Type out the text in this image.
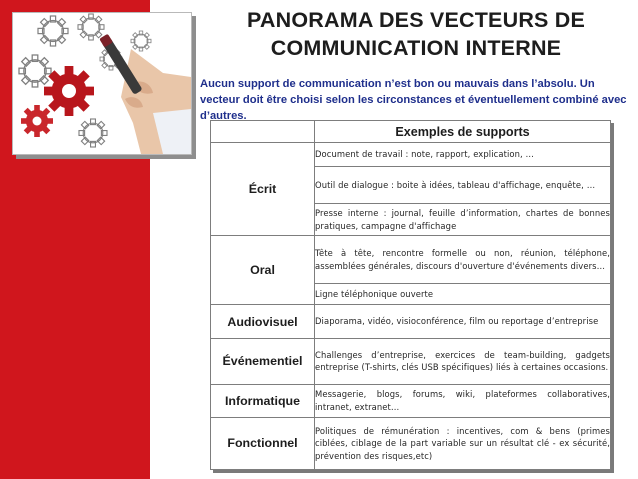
PANORAMA DES VECTEURS DE COMMUNICATION INTERNE
Aucun support de communication n’est bon ou mauvais dans l’absolu. Un vecteur doit être choisi selon les circonstances et éventuellement combiné avec d’autres.
	Exemples de supports
Écrit	Document de travail : note, rapport, explication, …
	Outil de dialogue : boite à idées, tableau d'affichage, enquête, …
	Presse interne : journal, feuille d’information, chartes de bonnes pratiques, campagne d'affichage
Oral	Tête à tête, rencontre formelle ou non, réunion, téléphone, assemblées générales, discours d'ouverture d'événements divers…
	Ligne téléphonique ouverte
Audiovisuel	Diaporama, vidéo, visioconférence, film ou reportage d’entreprise
Événementiel	Challenges d’entreprise, exercices de team-building, gadgets entreprise (T-shirts, clés USB spécifiques) liés à certaines occasions.
Informatique	Messagerie, blogs, forums, wiki, plateformes collaboratives, intranet, extranet…
Fonctionnel	Politiques de rémunération : incentives, com & bens (primes ciblées, ciblage de la part variable sur un résultat clé - ex sécurité, prévention des risques,etc)
